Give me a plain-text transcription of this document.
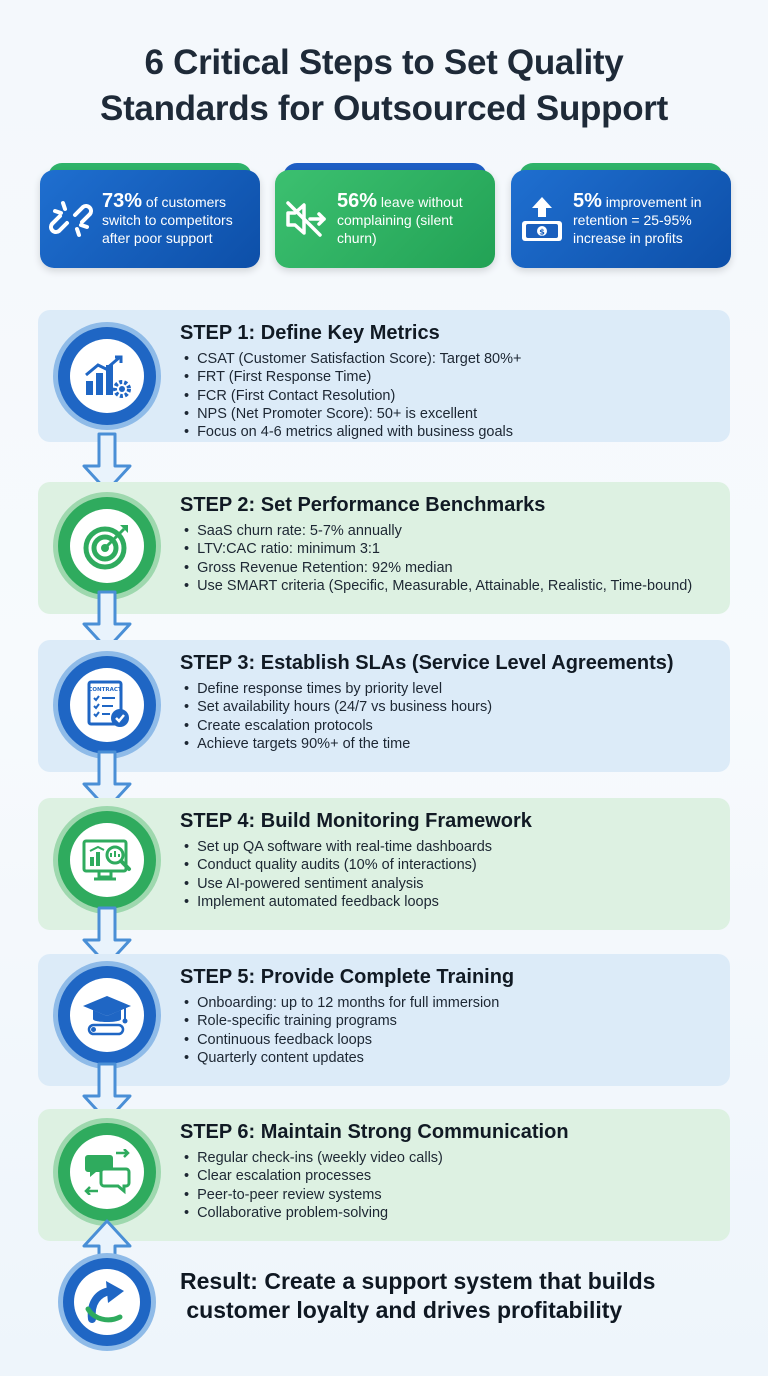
6 Critical Steps to Set Quality
Standards for Outsourced Support
73% of customers switch to competitors after poor support
56% leave without complaining (silent churn)	$
5% improvement in retention = 25-95% increase in profits
STEP 1: Define Key Metrics
• CSAT (Customer Satisfaction Score): Target 80%+
• FRT (First Response Time)
• FCR (First Contact Resolution)
• NPS (Net Promoter Score): 50+ is excellent
• Focus on 4-6 metrics aligned with business goals
STEP 2: Set Performance Benchmarks
• SaaS churn rate: 5-7% annually
• LTV:CAC ratio: minimum 3:1
• Gross Revenue Retention: 92% median
• Use SMART criteria (Specific, Measurable, Attainable, Realistic, Time-bound)
STEP 3: Establish SLAs (Service Level Agreements)
• Define response times by priority level
• Set availability hours (24/7 vs business hours)
• Create escalation protocols
• Achieve targets 90%+ of the time
CONTRACT
STEP 4: Build Monitoring Framework
• Set up QA software with real-time dashboards
• Conduct quality audits (10% of interactions)
• Use AI-powered sentiment analysis
• Implement automated feedback loops
STEP 5: Provide Complete Training
• Onboarding: up to 12 months for full immersion
• Role-specific training programs
• Continuous feedback loops
• Quarterly content updates
STEP 6: Maintain Strong Communication
• Regular check-ins (weekly video calls)
• Clear escalation processes
• Peer-to-peer review systems
• Collaborative problem-solving
Result: Create a support system that builds
customer loyalty and drives profitability
